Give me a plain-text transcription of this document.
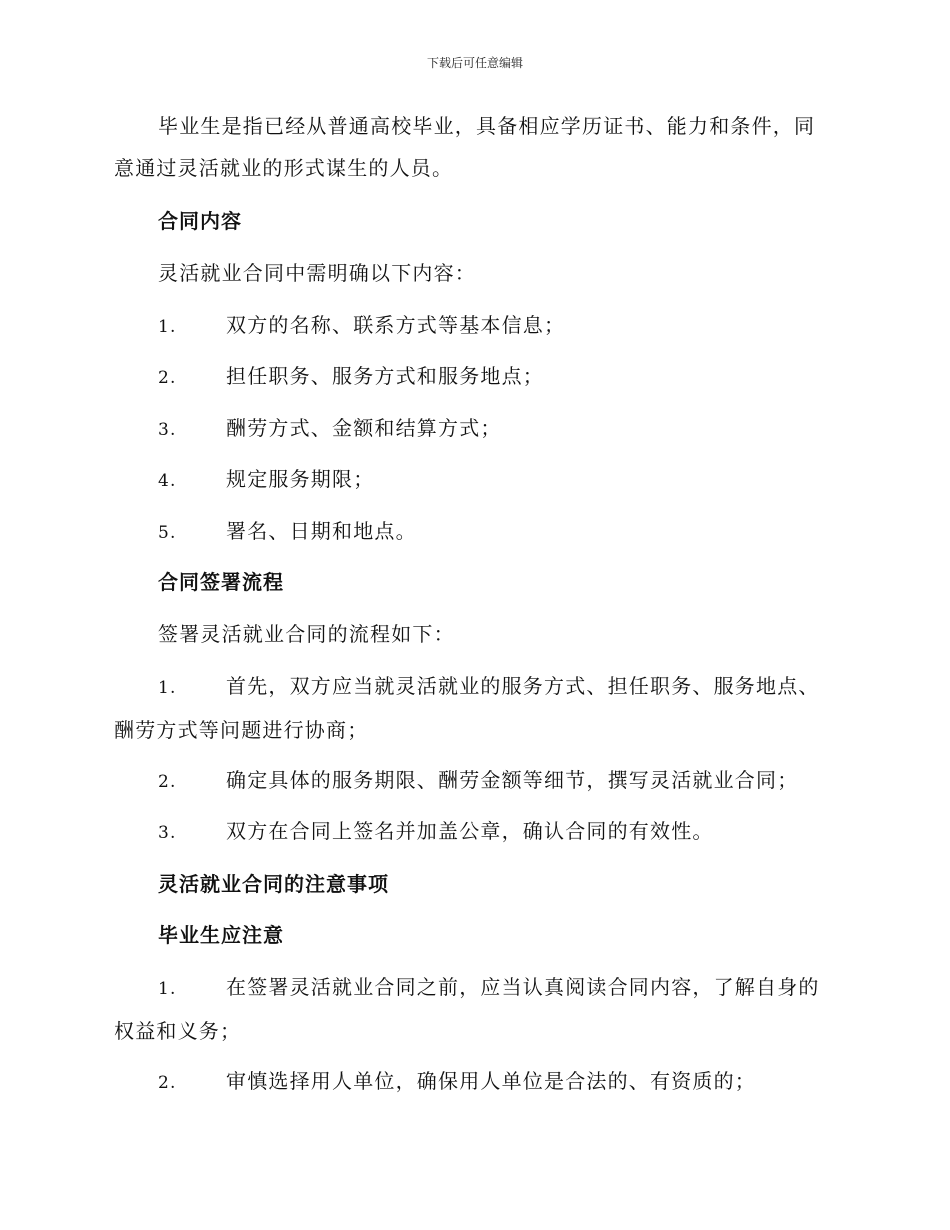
下载后可任意编辑
毕业生是指已经从普通高校毕业，具备相应学历证书、能力和条件，同
意通过灵活就业的形式谋生的人员。
合同内容
灵活就业合同中需明确以下内容：
1. 双方的名称、联系方式等基本信息；
2. 担任职务、服务方式和服务地点；
3. 酬劳方式、金额和结算方式；
4. 规定服务期限；
5. 署名、日期和地点。
合同签署流程
签署灵活就业合同的流程如下：
1. 首先，双方应当就灵活就业的服务方式、担任职务、服务地点、
酬劳方式等问题进行协商；
2. 确定具体的服务期限、酬劳金额等细节，撰写灵活就业合同；
3. 双方在合同上签名并加盖公章，确认合同的有效性。
灵活就业合同的注意事项
毕业生应注意
1. 在签署灵活就业合同之前，应当认真阅读合同内容，了解自身的
权益和义务；
2. 审慎选择用人单位，确保用人单位是合法的、有资质的；
